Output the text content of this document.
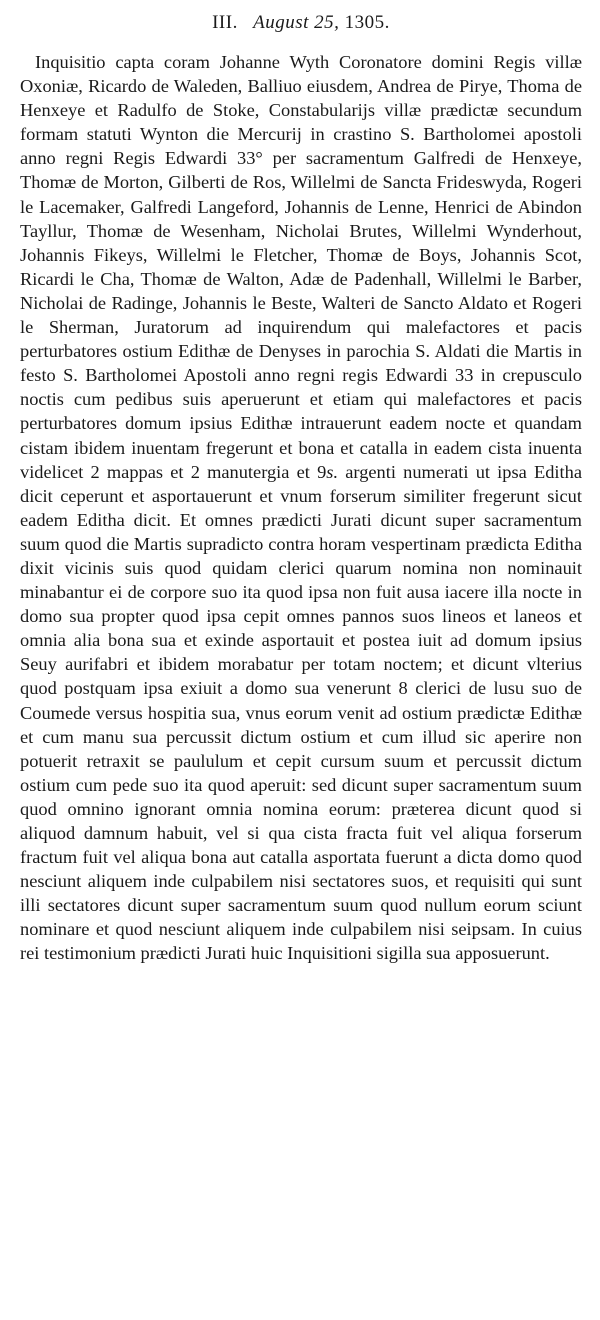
III. August 25, 1305.

Inquisitio capta coram Johanne Wyth Coronatore domini Regis villæ Oxoniæ, Ricardo de Waleden, Balliuo eiusdem, Andrea de Pirye, Thoma de Henxeye et Radulfo de Stoke, Constabularijs villæ prædictæ secundum formam statuti Wynton die Mercurij in crastino S. Bartholomei apostoli anno regni Regis Edwardi 33° per sacramentum Galfredi de Henxeye, Thomæ de Morton, Gilberti de Ros, Willelmi de Sancta Frideswyda, Rogeri le Lacemaker, Galfredi Langeford, Johannis de Lenne, Henrici de Abindon Tayllur, Thomæ de Wesenham, Nicholai Brutes, Willelmi Wynderhout, Johannis Fikeys, Willelmi le Fletcher, Thomæ de Boys, Johannis Scot, Ricardi le Cha, Thomæ de Walton, Adæ de Padenhall, Willelmi le Barber, Nicholai de Radinge, Johannis le Beste, Walteri de Sancto Aldato et Rogeri le Sherman, Juratorum ad inquirendum qui malefactores et pacis perturbatores ostium Edithæ de Denyses in parochia S. Aldati die Martis in festo S. Bartholomei Apostoli anno regni regis Edwardi 33 in crepusculo noctis cum pedibus suis aperuerunt et etiam qui malefactores et pacis perturbatores domum ipsius Edithæ intrauerunt eadem nocte et quandam cistam ibidem inuentam fregerunt et bona et catalla in eadem cista inuenta videlicet 2 mappas et 2 manutergia et 9s. argenti numerati ut ipsa Editha dicit ceperunt et asportauerunt et vnum forserum similiter fregerunt sicut eadem Editha dicit. Et omnes prædicti Jurati dicunt super sacramentum suum quod die Martis supradicto contra horam vespertinam prædicta Editha dixit vicinis suis quod quidam clerici quarum nomina non nominauit minabantur ei de corpore suo ita quod ipsa non fuit ausa iacere illa nocte in domo sua propter quod ipsa cepit omnes pannos suos lineos et laneos et omnia alia bona sua et exinde asportauit et postea iuit ad domum ipsius Seuy aurifabri et ibidem morabatur per totam noctem; et dicunt vlterius quod postquam ipsa exiuit a domo sua venerunt 8 clerici de lusu suo de Coumede versus hospitia sua, vnus eorum venit ad ostium prædictæ Edithæ et cum manu sua percussit dictum ostium et cum illud sic aperire non potuerit retraxit se paululum et cepit cursum suum et percussit dictum ostium cum pede suo ita quod aperuit: sed dicunt super sacramentum suum quod omnino ignorant omnia nomina eorum: præterea dicunt quod si aliquod damnum habuit, vel si qua cista fracta fuit vel aliqua forserum fractum fuit vel aliqua bona aut catalla asportata fuerunt a dicta domo quod nesciunt aliquem inde culpabilem nisi sectatores suos, et requisiti qui sunt illi sectatores dicunt super sacramentum suum quod nullum eorum sciunt nominare et quod nesciunt aliquem inde culpabilem nisi seipsam. In cuius rei testimonium prædicti Jurati huic Inquisitioni sigilla sua apposuerunt.
